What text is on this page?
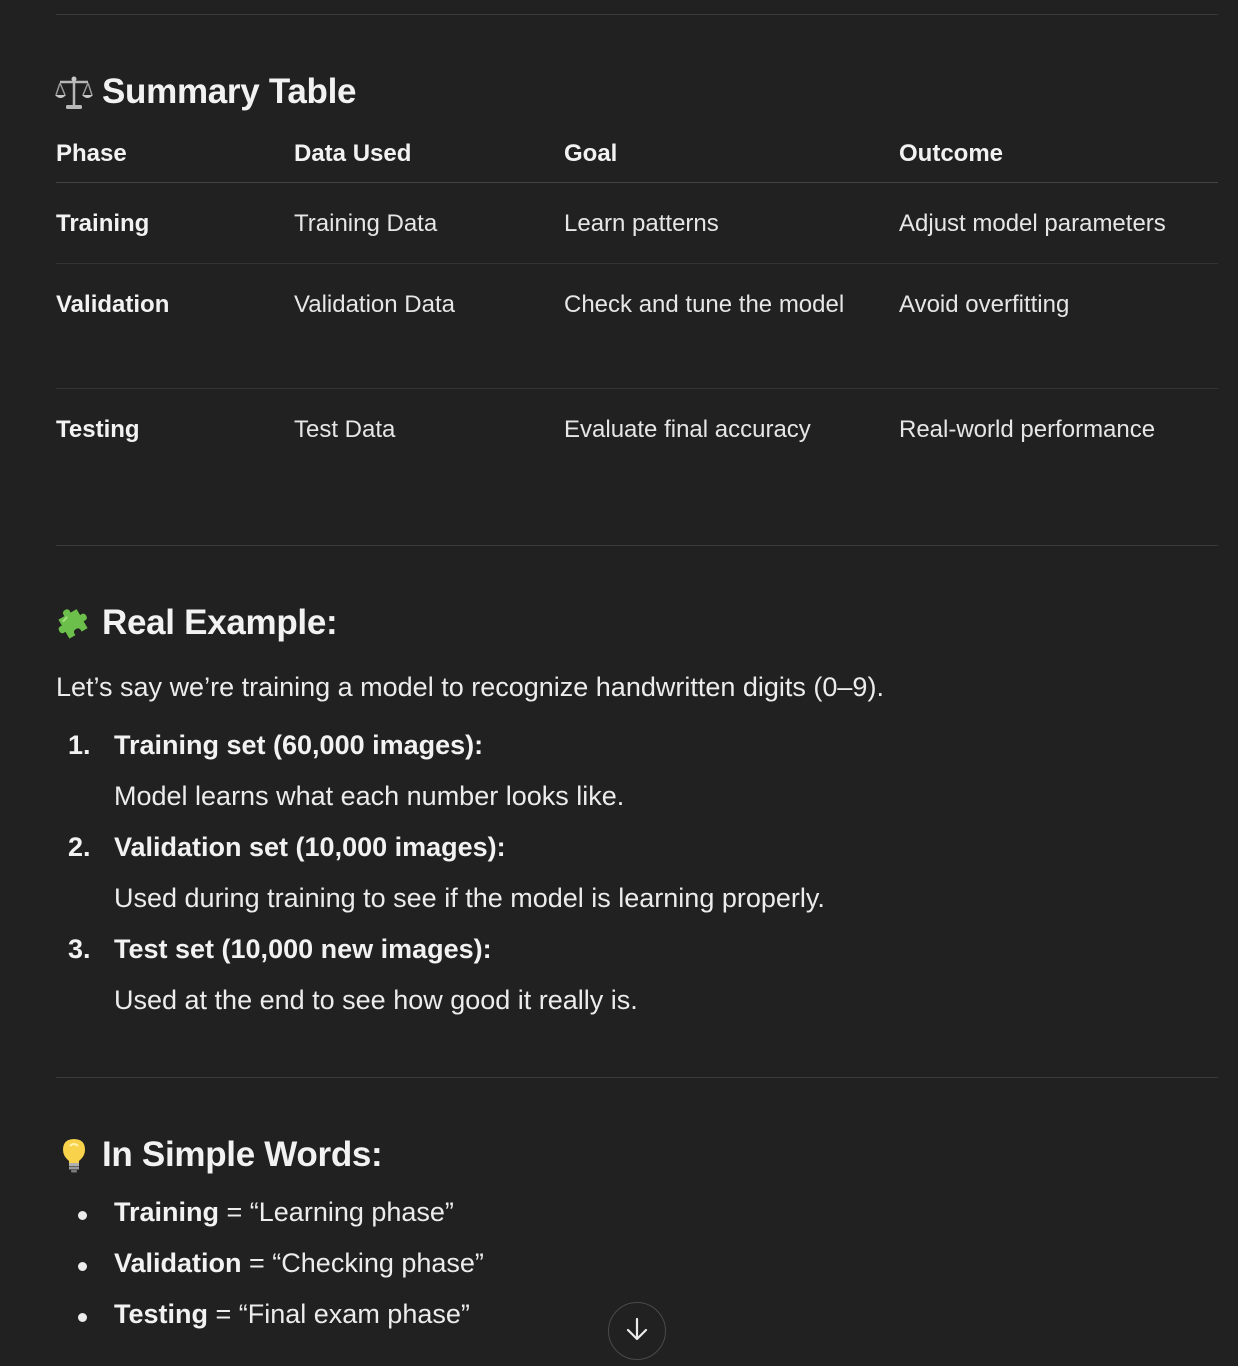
Summary Table
Phase	Data Used	Goal	Outcome
Training	Training Data	Learn patterns	Adjust model parameters
Validation	Validation Data	Check and tune the model	Avoid overfitting
Testing	Test Data	Evaluate final accuracy	Real-world performance
Real Example:
Let’s say we’re training a model to recognize handwritten digits (0–9).
1. Training set (60,000 images):
Model learns what each number looks like.
2. Validation set (10,000 images):
Used during training to see if the model is learning properly.
3. Test set (10,000 new images):
Used at the end to see how good it really is.
In Simple Words:
Training = “Learning phase”
Validation = “Checking phase”
Testing = “Final exam phase”
